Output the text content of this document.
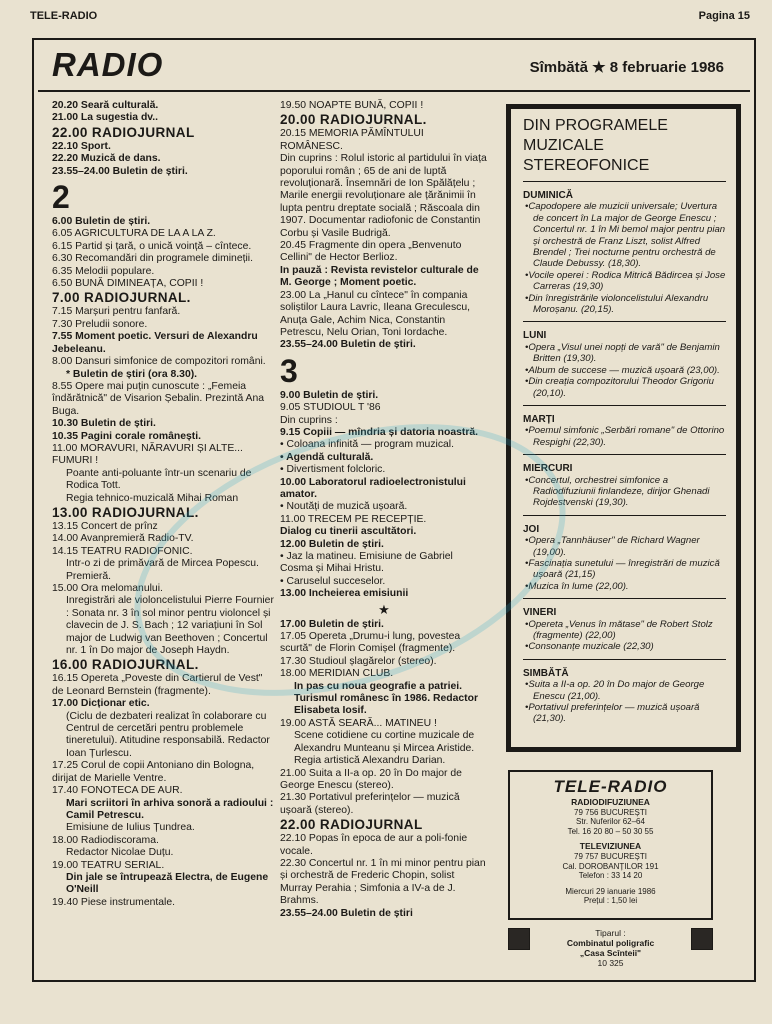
TELE-RADIO	Pagina 15
RADIO	Sîmbătă ★ 8 februarie 1986
20.20 Seară culturală.
21.00 La sugestia dv..
22.00 RADIOJURNAL
22.10 Sport.
22.20 Muzică de dans.
23.55–24.00 Buletin de știri.
2
6.00 Buletin de știri.
6.05 AGRICULTURA DE LA A LA Z.
6.15 Partid și țară, o unică voință – cîntece.
6.30 Recomandări din programele dimineții.
6.35 Melodii populare.
6.50 BUNĂ DIMINEAȚA, COPII !
7.00 RADIOJURNAL.
7.15 Marșuri pentru fanfară.
7.30 Preludii sonore.
7.55 Moment poetic. Versuri de Alexandru Jebeleanu.
8.00 Dansuri simfonice de compozitori români.
* Buletin de știri (ora 8.30).
8.55 Opere mai puțin cunoscute : „Femeia îndărătnică" de Visarion Șebalin. Prezintă Ana Buga.
10.30 Buletin de știri.
10.35 Pagini corale românești.
11.00 MORAVURI, NĂRAVURI ȘI ALTE... FUMURI !
Poante anti-poluante într-un scenariu de Rodica Tott.
Regia tehnico-muzicală Mihai Roman
13.00 RADIOJURNAL.
13.15 Concert de prînz
14.00 Avanpremieră Radio-TV.
14.15 TEATRU RADIOFONIC.
Intr-o zi de primăvară de Mircea Popescu. Premieră.
15.00 Ora melomanului.
Inregistrări ale violoncelistului Pierre Fournier : Sonata nr. 3 în sol minor pentru violoncel și clavecin de J. S. Bach ; 12 variațiuni în Sol major de Ludwig van Beethoven ; Concertul nr. 1 în Do major de Joseph Haydn.
16.00 RADIOJURNAL.
16.15 Opereta „Poveste din Cartierul de Vest" de Leonard Bernstein (fragmente).
17.00 Dicționar etic.
(Ciclu de dezbateri realizat în colaborare cu Centrul de cercetări pentru problemele tineretului). Atitudine responsabilă. Redactor Ioan Țurlescu.
17.25 Corul de copii Antoniano din Bologna, dirijat de Marielle Ventre.
17.40 FONOTECA DE AUR.
Mari scriitori în arhiva sonoră a radioului : Camil Petrescu.
Emisiune de Iulius Țundrea.
18.00 Radiodiscorama.
Redactor Nicolae Duțu.
19.00 TEATRU SERIAL.
Din jale se întrupează Electra, de Eugene O'Neill
19.40 Piese instrumentale.
19.50 NOAPTE BUNĂ, COPII !
20.00 RADIOJURNAL.
20.15 MEMORIA PĂMÎNTULUI ROMÂNESC.
Din cuprins : Rolul istoric al partidului în viața poporului român ; 65 de ani de luptă revoluționară. Însemnări de Ion Spălățelu ; Marile energii revoluționare ale țărănimii în lupta pentru dreptate socială ; Răscoala din 1907. Documentar radiofonic de Constantin Corbu și Vasile Budrigă.
20.45 Fragmente din opera „Benvenuto Cellini" de Hector Berlioz.
In pauză : Revista revistelor culturale de M. George ; Moment poetic.
23.00 La „Hanul cu cîntece" în compania soliștilor Laura Lavric, Ileana Greculescu, Anuța Gale, Achim Nica, Constantin Petrescu, Nelu Orian, Toni Iordache.
23.55–24.00 Buletin de știri.
3
9.00 Buletin de știri.
9.05 STUDIOUL T '86
Din cuprins :
9.15 Copiii — mîndria și datoria noastră.
• Coloana infinită — program muzical.
• Agendă culturală.
• Divertisment folcloric.
10.00 Laboratorul radioelectronistului amator.
• Noutăți de muzică ușoară.
11.00 TRECEM PE RECEPȚIE.
Dialog cu tinerii ascultători.
12.00 Buletin de știri.
• Jaz la matineu. Emisiune de Gabriel Cosma și Mihai Hristu.
• Caruselul succeselor.
13.00 Incheierea emisiunii
★
17.00 Buletin de știri.
17.05 Opereta „Drumu-i lung, povestea scurtă" de Florin Comișel (fragmente).
17.30 Studioul șlagărelor (stereo).
18.00 MERIDIAN CLUB.
In pas cu noua geografie a patriei. Turismul românesc în 1986. Redactor Elisabeta Iosif.
19.00 ASTĂ SEARĂ... MATINEU !
Scene cotidiene cu cortine muzicale de Alexandru Munteanu și Mircea Aristide. Regia artistică Alexandru Darian.
21.00 Suita a II-a op. 20 în Do major de George Enescu (stereo).
21.30 Portativul preferințelor — muzică ușoară (stereo).
22.00 RADIOJURNAL
22.10 Popas în epoca de aur a poli-fonie vocale.
22.30 Concertul nr. 1 în mi minor pentru pian și orchestră de Frederic Chopin, solist Murray Perahia ; Simfonia a IV-a de J. Brahms.
23.55–24.00 Buletin de știri
DIN PROGRAMELE
MUZICALE
STEREOFONICE
DUMINICĂ
• Capodopere ale muzicii universale; Uvertura de concert în La major de George Enescu ; Concertul nr. 1 în Mi bemol major pentru pian și orchestră de Franz Liszt, solist Alfred Brendel ; Trei nocturne pentru orchestră de Claude Debussy. (18,30).
• Vocile operei : Rodica Mitrică Bădircea și Jose Carreras (19,30)
• Din înregistrările violoncelistului Alexandru Moroșanu. (20,15).
LUNI
• Opera „Visul unei nopți de vară" de Benjamin Britten (19,30).
• Album de succese — muzică ușoară (23,00).
• Din creația compozitorului Theodor Grigoriu (20,10).
MARȚI
• Poemul simfonic „Serbări romane" de Ottorino Respighi (22,30).
MIERCURI
• Concertul, orchestrei simfonice a Radiodifuziunii finlandeze, dirijor Ghenadi Rojdestvenski (19,30).
JOI
• Opera „Tannhäuser" de Richard Wagner (19,00).
• Fascinația sunetului — înregistrări de muzică ușoară (21,15)
• Muzica în lume (22,00).
VINERI
• Opereta „Venus în mătase" de Robert Stolz (fragmente) (22,00)
• Consonanțe muzicale (22,30)
SIMBĂTĂ
• Suita a II-a op. 20 în Do major de George Enescu (21,00).
• Portativul preferințelor — muzică ușoară (21,30).
TELE-RADIO
RADIODIFUZIUNEA
79 756 BUCUREȘTI
Str. Nuferilor 62–64
Tel. 16 20 80 – 50 30 55
TELEVIZIUNEA
79 757 BUCUREȘTI
Cal. DOROBANȚILOR 191
Telefon : 33 14 20
Miercuri 29 ianuarie 1986
Prețul : 1,50 lei
Tiparul :
Combinatul poligrafic
„Casa Scînteii"
10 325
